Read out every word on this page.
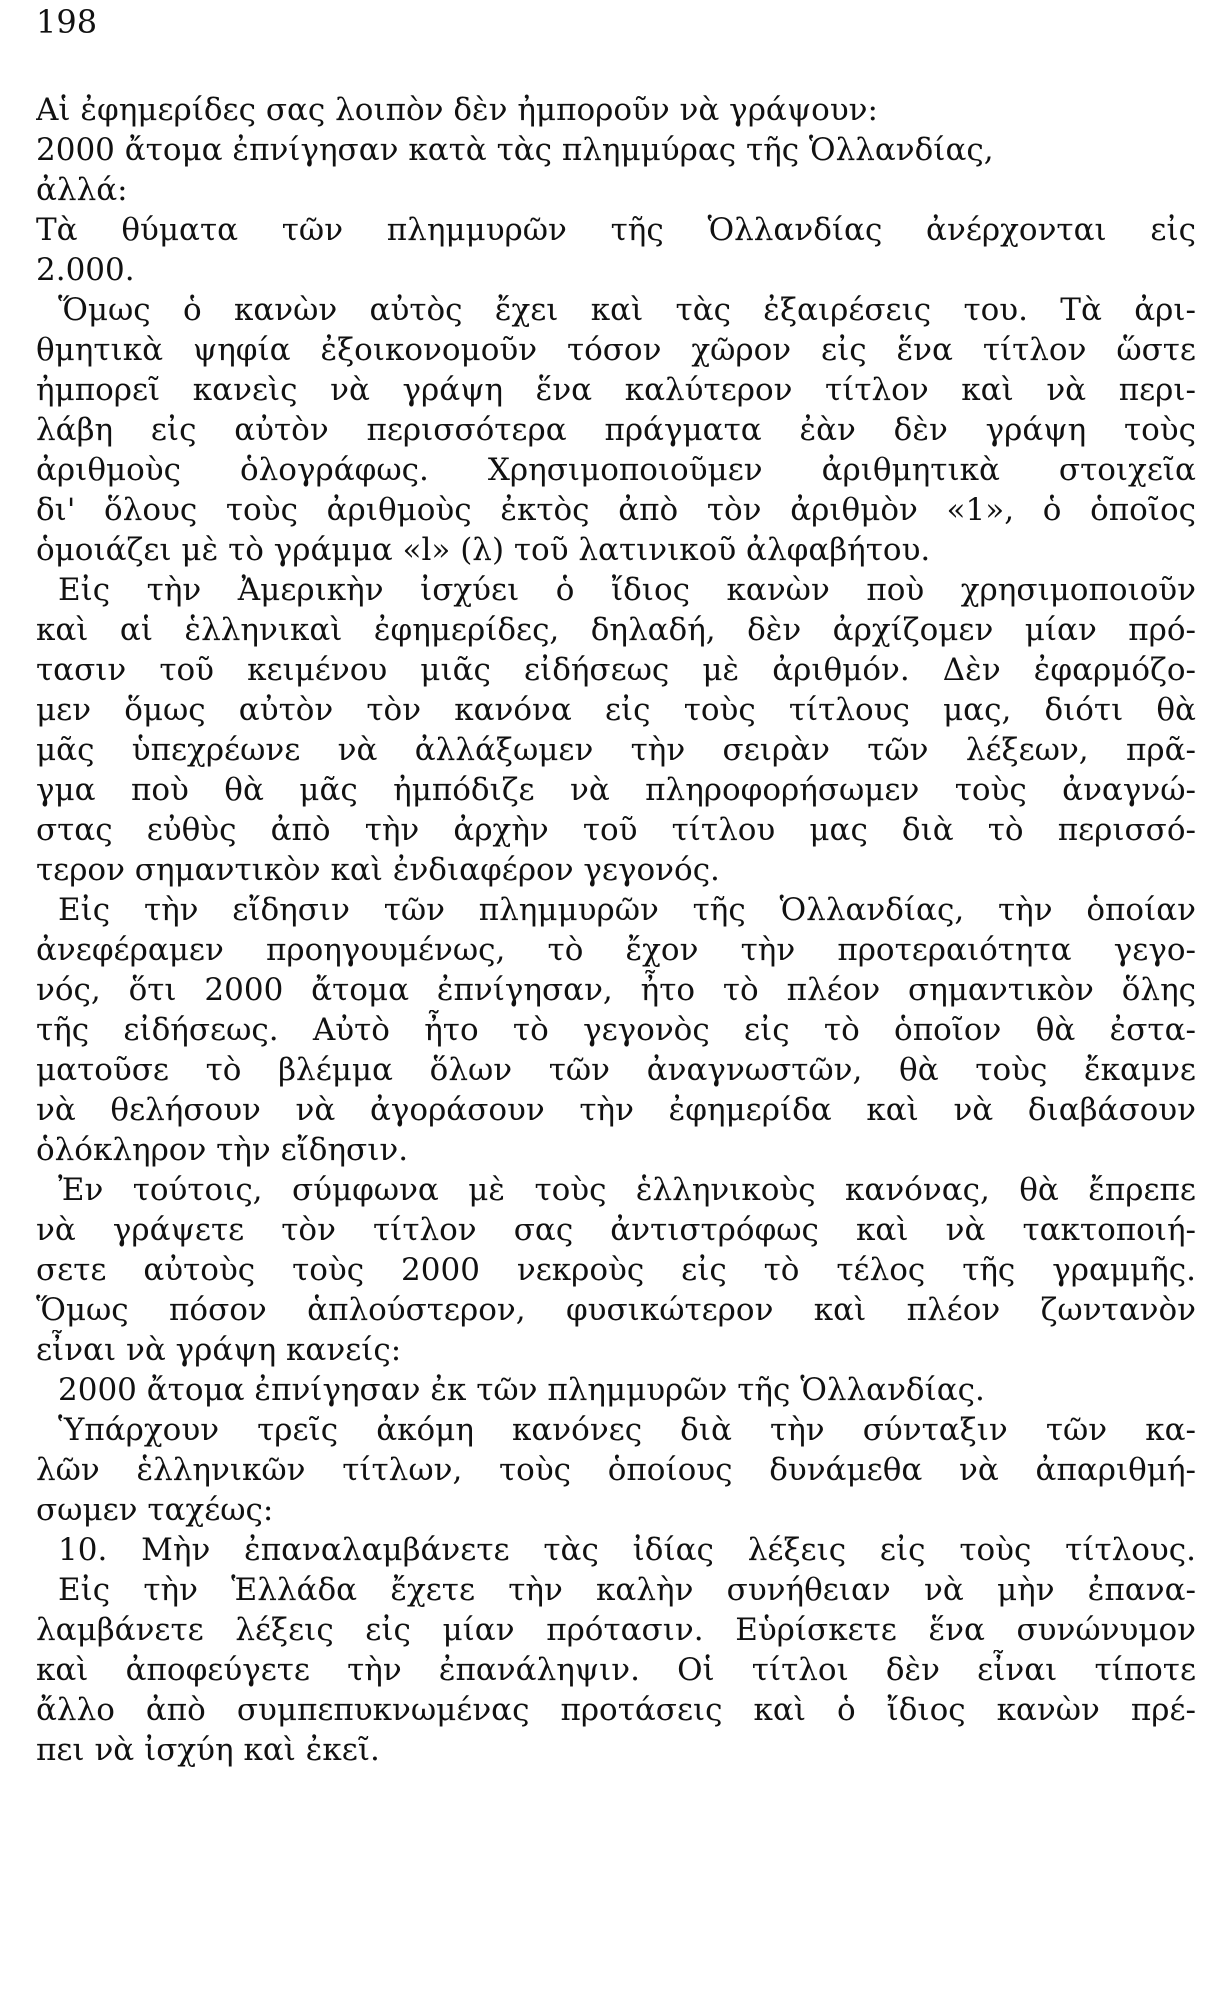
198
Αἱ ἐφημερίδες σας λοιπὸν δὲν ἠμποροῦν νὰ γράψουν:
2000 ἄτομα ἐπνίγησαν κατὰ τὰς πλημμύρας τῆς Ὁλλανδίας,
ἀλλά:
Τὰ θύματα τῶν πλημμυρῶν τῆς Ὁλλανδίας ἀνέρχονται εἰς
2.000.
Ὅμως ὁ κανὼν αὐτὸς ἔχει καὶ τὰς ἐξαιρέσεις του. Τὰ ἀρι-
θμητικὰ ψηφία ἐξοικονομοῦν τόσον χῶρον εἰς ἕνα τίτλον ὥστε
ἠμπορεῖ κανεὶς νὰ γράψη ἕνα καλύτερον τίτλον καὶ νὰ περι-
λάβη εἰς αὐτὸν περισσότερα πράγματα ἐὰν δὲν γράψη τοὺς
ἀριθμοὺς ὁλογράφως. Χρησιμοποιοῦμεν ἀριθμητικὰ στοιχεῖα
δι' ὅλους τοὺς ἀριθμοὺς ἐκτὸς ἀπὸ τὸν ἀριθμὸν «1», ὁ ὁποῖος
ὁμοιάζει μὲ τὸ γράμμα «l» (λ) τοῦ λατινικοῦ ἀλφαβήτου.
Εἰς τὴν Ἀμερικὴν ἰσχύει ὁ ἴδιος κανὼν ποὺ χρησιμοποιοῦν
καὶ αἱ ἑλληνικαὶ ἐφημερίδες, δηλαδή, δὲν ἀρχίζομεν μίαν πρό-
τασιν τοῦ κειμένου μιᾶς εἰδήσεως μὲ ἀριθμόν. Δὲν ἐφαρμόζο-
μεν ὅμως αὐτὸν τὸν κανόνα εἰς τοὺς τίτλους μας, διότι θὰ
μᾶς ὑπεχρέωνε νὰ ἀλλάξωμεν τὴν σειρὰν τῶν λέξεων, πρᾶ-
γμα ποὺ θὰ μᾶς ἠμπόδιζε νὰ πληροφορήσωμεν τοὺς ἀναγνώ-
στας εὐθὺς ἀπὸ τὴν ἀρχὴν τοῦ τίτλου μας διὰ τὸ περισσό-
τερον σημαντικὸν καὶ ἐνδιαφέρον γεγονός.
Εἰς τὴν εἴδησιν τῶν πλημμυρῶν τῆς Ὁλλανδίας, τὴν ὁποίαν
ἀνεφέραμεν προηγουμένως, τὸ ἔχον τὴν προτεραιότητα γεγο-
νός, ὅτι 2000 ἄτομα ἐπνίγησαν, ἦτο τὸ πλέον σημαντικὸν ὅλης
τῆς εἰδήσεως. Αὐτὸ ἦτο τὸ γεγονὸς εἰς τὸ ὁποῖον θὰ ἐστα-
ματοῦσε τὸ βλέμμα ὅλων τῶν ἀναγνωστῶν, θὰ τοὺς ἔκαμνε
νὰ θελήσουν νὰ ἀγοράσουν τὴν ἐφημερίδα καὶ νὰ διαβάσουν
ὁλόκληρον τὴν εἴδησιν.
Ἐν τούτοις, σύμφωνα μὲ τοὺς ἑλληνικοὺς κανόνας, θὰ ἔπρεπε
νὰ γράψετε τὸν τίτλον σας ἀντιστρόφως καὶ νὰ τακτοποιή-
σετε αὐτοὺς τοὺς 2000 νεκροὺς εἰς τὸ τέλος τῆς γραμμῆς.
Ὅμως πόσον ἁπλούστερον, φυσικώτερον καὶ πλέον ζωντανὸν
εἶναι νὰ γράψη κανείς:
2000 ἄτομα ἐπνίγησαν ἐκ τῶν πλημμυρῶν τῆς Ὁλλανδίας.
Ὑπάρχουν τρεῖς ἀκόμη κανόνες διὰ τὴν σύνταξιν τῶν κα-
λῶν ἑλληνικῶν τίτλων, τοὺς ὁποίους δυνάμεθα νὰ ἀπαριθμή-
σωμεν ταχέως:
10. Μὴν ἐπαναλαμβάνετε τὰς ἰδίας λέξεις εἰς τοὺς τίτλους.
Εἰς τὴν Ἑλλάδα ἔχετε τὴν καλὴν συνήθειαν νὰ μὴν ἐπανα-
λαμβάνετε λέξεις εἰς μίαν πρότασιν. Εὑρίσκετε ἕνα συνώνυμον
καὶ ἀποφεύγετε τὴν ἐπανάληψιν. Οἱ τίτλοι δὲν εἶναι τίποτε
ἄλλο ἀπὸ συμπεπυκνωμένας προτάσεις καὶ ὁ ἴδιος κανὼν πρέ-
πει νὰ ἰσχύη καὶ ἐκεῖ.
